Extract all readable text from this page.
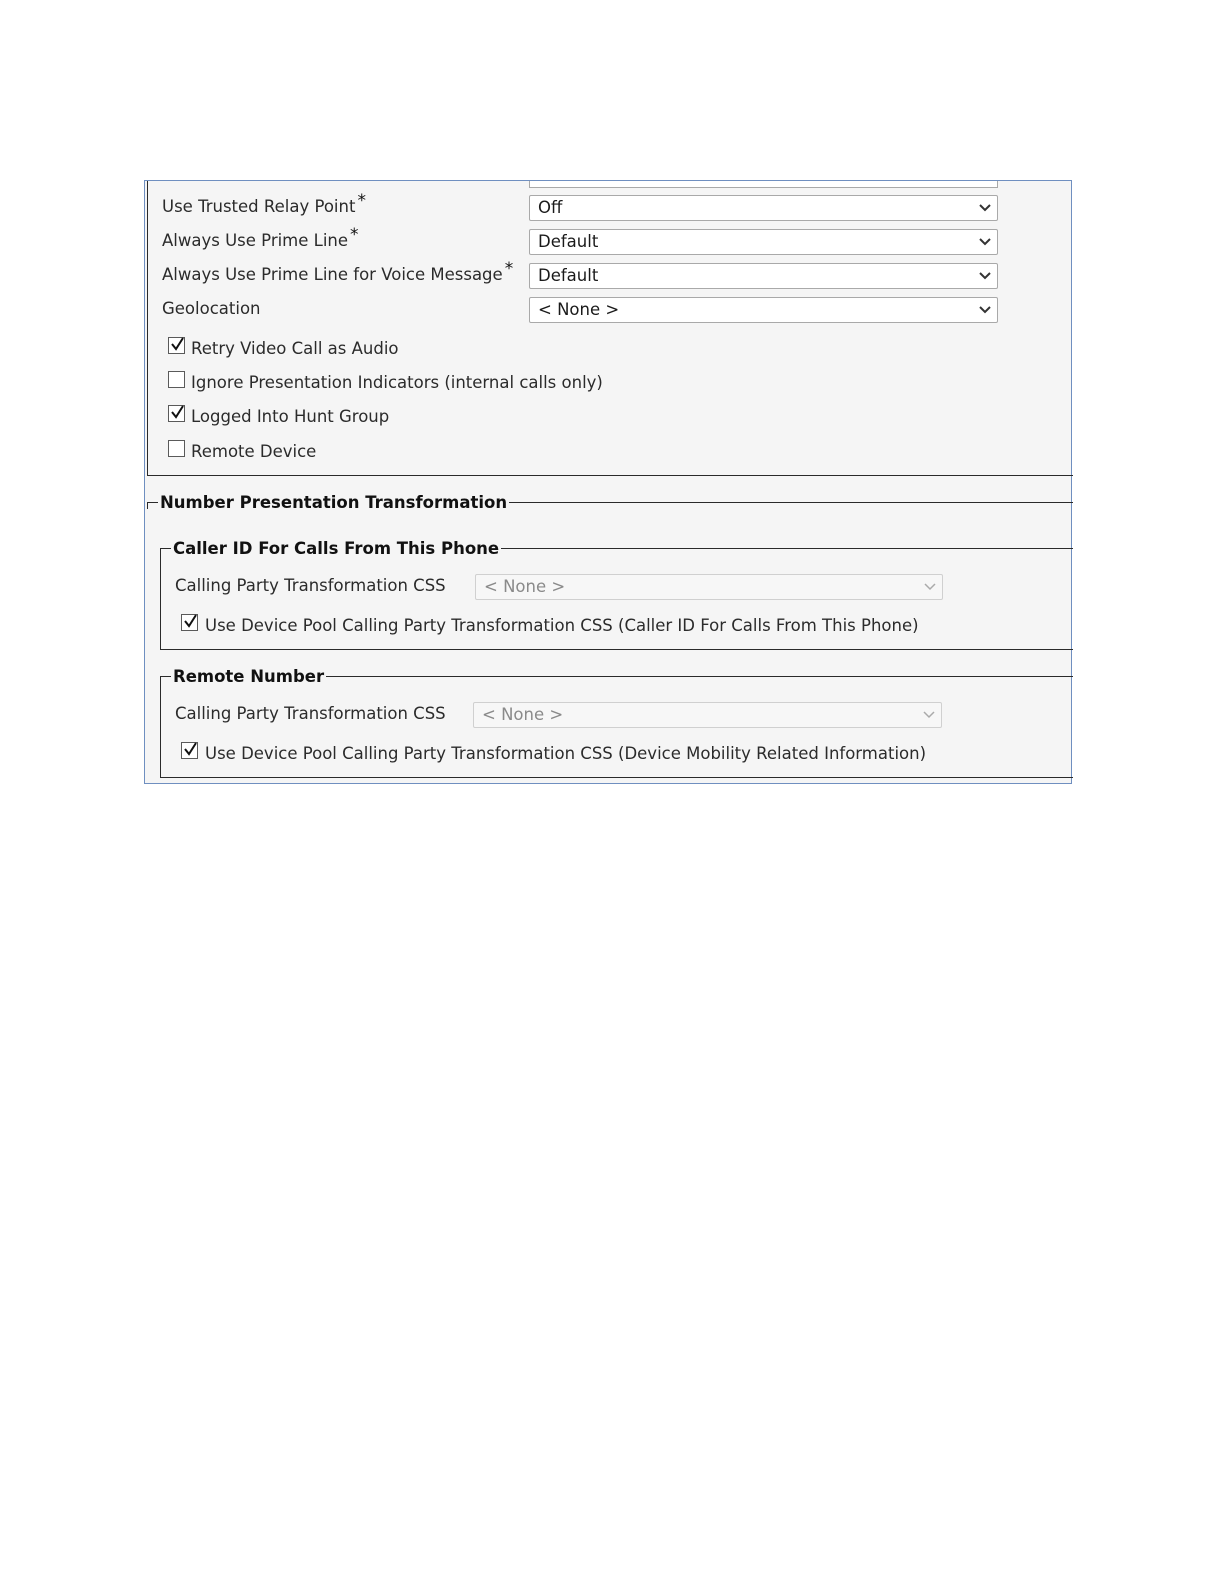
Use Trusted Relay Point *	Off
Always Use Prime Line *	Default
Always Use Prime Line for Voice Message *	Default
Geolocation	< None >
Retry Video Call as Audio
Ignore Presentation Indicators (internal calls only)
Logged Into Hunt Group
Remote Device
Number Presentation Transformation
Caller ID For Calls From This Phone
Calling Party Transformation CSS	< None >
Use Device Pool Calling Party Transformation CSS (Caller ID For Calls From This Phone)
Remote Number
Calling Party Transformation CSS	< None >
Use Device Pool Calling Party Transformation CSS (Device Mobility Related Information)
